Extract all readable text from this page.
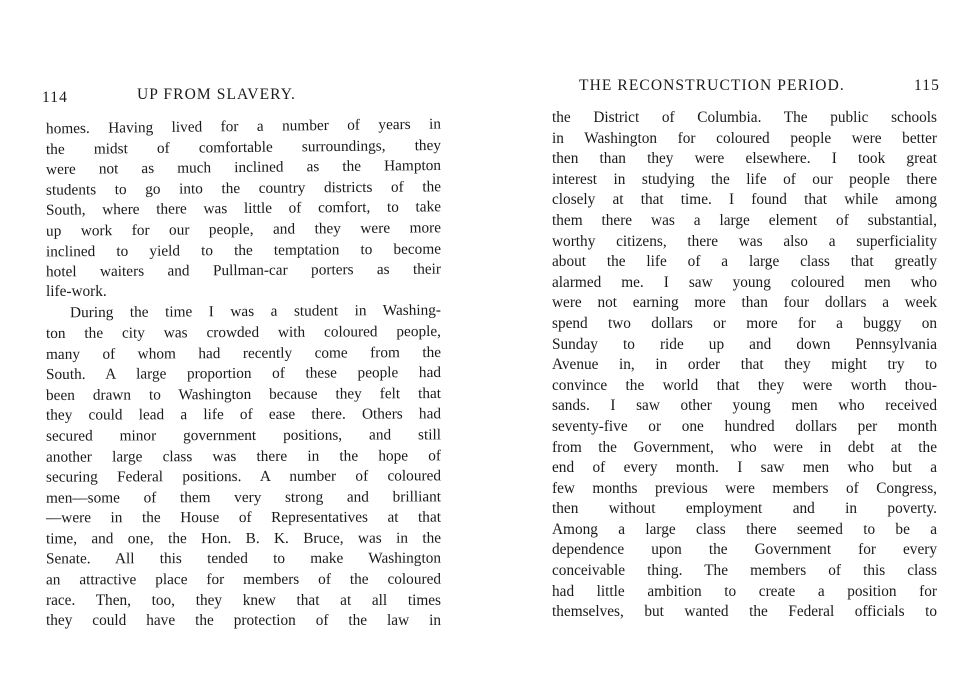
114	UP FROM SLAVERY.
homes. Having lived for a number of years in
the midst of comfortable surroundings, they
were not as much inclined as the Hampton
students to go into the country districts of the
South, where there was little of comfort, to take
up work for our people, and they were more
inclined to yield to the temptation to become
hotel waiters and Pullman-car porters as their
life-work.
During the time I was a student in Washing-
ton the city was crowded with coloured people,
many of whom had recently come from the
South. A large proportion of these people had
been drawn to Washington because they felt that
they could lead a life of ease there. Others had
secured minor government positions, and still
another large class was there in the hope of
securing Federal positions. A number of coloured
men—some of them very strong and brilliant
—were in the House of Representatives at that
time, and one, the Hon. B. K. Bruce, was in the
Senate. All this tended to make Washington
an attractive place for members of the coloured
race. Then, too, they knew that at all times
they could have the protection of the law in
THE RECONSTRUCTION PERIOD.	115
the District of Columbia. The public schools
in Washington for coloured people were better
then than they were elsewhere. I took great
interest in studying the life of our people there
closely at that time. I found that while among
them there was a large element of substantial,
worthy citizens, there was also a superficiality
about the life of a large class that greatly
alarmed me. I saw young coloured men who
were not earning more than four dollars a week
spend two dollars or more for a buggy on
Sunday to ride up and down Pennsylvania
Avenue in, in order that they might try to
convince the world that they were worth thou-
sands. I saw other young men who received
seventy-five or one hundred dollars per month
from the Government, who were in debt at the
end of every month. I saw men who but a
few months previous were members of Congress,
then without employment and in poverty.
Among a large class there seemed to be a
dependence upon the Government for every
conceivable thing. The members of this class
had little ambition to create a position for
themselves, but wanted the Federal officials to
